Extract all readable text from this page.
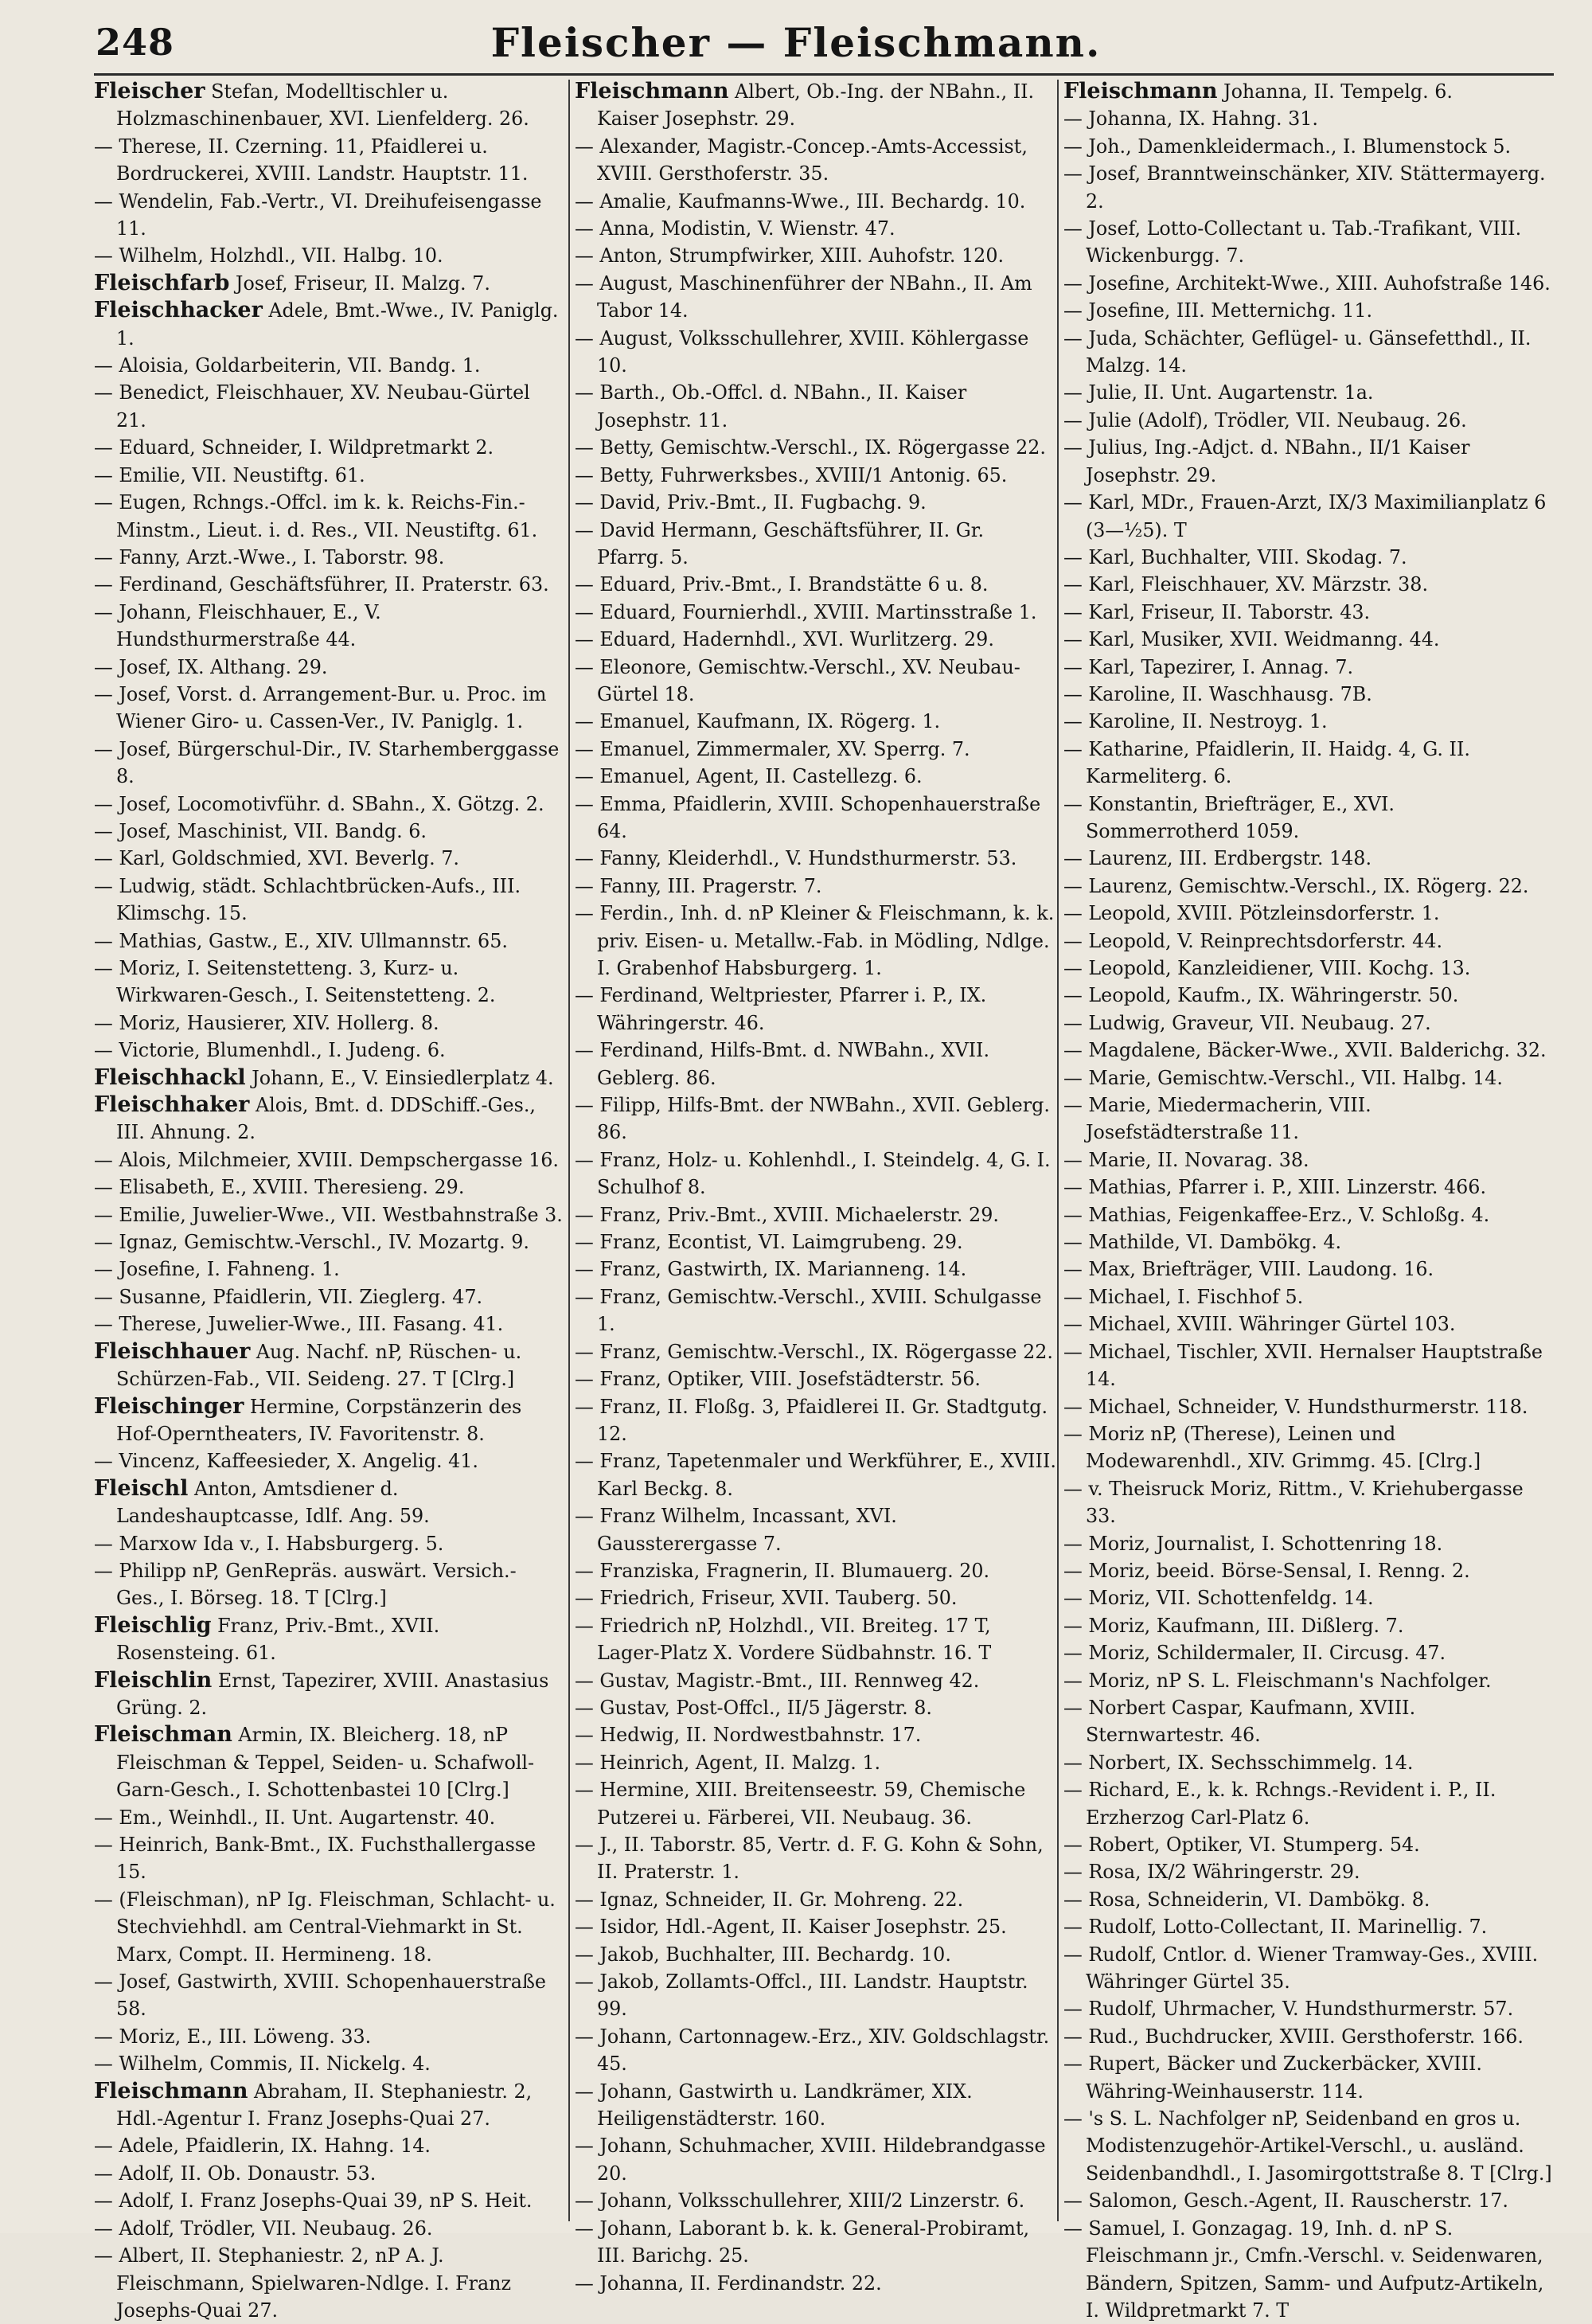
248	Fleischer — Fleischmann.

Fleischer Stefan, Modelltischler u. Holzmaschinenbauer, XVI. Lienfelderg. 26.

— Therese, II. Czerning. 11, Pfaidlerei u. Bordruckerei, XVIII. Landstr. Hauptstr. 11.

— Wendelin, Fab.-Vertr., VI. Dreihufeisengasse 11.

— Wilhelm, Holzhdl., VII. Halbg. 10.

Fleischfarb Josef, Friseur, II. Malzg. 7.

Fleischhacker Adele, Bmt.-Wwe., IV. Paniglg. 1.

— Aloisia, Goldarbeiterin, VII. Bandg. 1.

— Benedict, Fleischhauer, XV. Neubau-Gürtel 21.

— Eduard, Schneider, I. Wildpretmarkt 2.

— Emilie, VII. Neustiftg. 61.

— Eugen, Rchngs.-Offcl. im k. k. Reichs-Fin.-Minstm., Lieut. i. d. Res., VII. Neustiftg. 61.

— Fanny, Arzt.-Wwe., I. Taborstr. 98.

— Ferdinand, Geschäftsführer, II. Praterstr. 63.

— Johann, Fleischhauer, E., V. Hundsthurmerstraße 44.

— Josef, IX. Althang. 29.

— Josef, Vorst. d. Arrangement-Bur. u. Proc. im Wiener Giro- u. Cassen-Ver., IV. Paniglg. 1.

— Josef, Bürgerschul-Dir., IV. Starhemberggasse 8.

— Josef, Locomotivführ. d. SBahn., X. Götzg. 2.

— Josef, Maschinist, VII. Bandg. 6.

— Karl, Goldschmied, XVI. Beverlg. 7.

— Ludwig, städt. Schlachtbrücken-Aufs., III. Klimschg. 15.

— Mathias, Gastw., E., XIV. Ullmannstr. 65.

— Moriz, I. Seitenstetteng. 3, Kurz- u. Wirkwaren-Gesch., I. Seitenstetteng. 2.

— Moriz, Hausierer, XIV. Hollerg. 8.

— Victorie, Blumenhdl., I. Judeng. 6.

Fleischhackl Johann, E., V. Einsiedlerplatz 4.

Fleischhaker Alois, Bmt. d. DDSchiff.-Ges., III. Ahnung. 2.

— Alois, Milchmeier, XVIII. Dempschergasse 16.

— Elisabeth, E., XVIII. Theresieng. 29.

— Emilie, Juwelier-Wwe., VII. Westbahnstraße 3.

— Ignaz, Gemischtw.-Verschl., IV. Mozartg. 9.

— Josefine, I. Fahneng. 1.

— Susanne, Pfaidlerin, VII. Zieglerg. 47.

— Therese, Juwelier-Wwe., III. Fasang. 41.

Fleischhauer Aug. Nachf. nP, Rüschen- u. Schürzen-Fab., VII. Seideng. 27. T [Clrg.]

Fleischinger Hermine, Corpstänzerin des Hof-Operntheaters, IV. Favoritenstr. 8.

— Vincenz, Kaffeesieder, X. Angelig. 41.

Fleischl Anton, Amtsdiener d. Landeshauptcasse, Idlf. Ang. 59.

— Marxow Ida v., I. Habsburgerg. 5.

— Philipp nP, GenRepräs. auswärt. Versich.-Ges., I. Börseg. 18. T [Clrg.]

Fleischlig Franz, Priv.-Bmt., XVII. Rosensteing. 61.

Fleischlin Ernst, Tapezirer, XVIII. Anastasius Grüng. 2.

Fleischman Armin, IX. Bleicherg. 18, nP Fleischman & Teppel, Seiden- u. Schafwoll-Garn-Gesch., I. Schottenbastei 10 [Clrg.]

— Em., Weinhdl., II. Unt. Augartenstr. 40.

— Heinrich, Bank-Bmt., IX. Fuchsthallergasse 15.

— (Fleischman), nP Ig. Fleischman, Schlacht- u. Stechviehhdl. am Central-Viehmarkt in St. Marx, Compt. II. Hermineng. 18.

— Josef, Gastwirth, XVIII. Schopenhauerstraße 58.

— Moriz, E., III. Löweng. 33.

— Wilhelm, Commis, II. Nickelg. 4.

Fleischmann Abraham, II. Stephaniestr. 2, Hdl.-Agentur I. Franz Josephs-Quai 27.

— Adele, Pfaidlerin, IX. Hahng. 14.

— Adolf, II. Ob. Donaustr. 53.

— Adolf, I. Franz Josephs-Quai 39, nP S. Heit.

— Adolf, Trödler, VII. Neubaug. 26.

— Albert, II. Stephaniestr. 2, nP A. J. Fleischmann, Spielwaren-Ndlge. I. Franz Josephs-Quai 27.

Fleischmann Albert, Ob.-Ing. der NBahn., II. Kaiser Josephstr. 29.

— Alexander, Magistr.-Concep.-Amts-Accessist, XVIII. Gersthoferstr. 35.

— Amalie, Kaufmanns-Wwe., III. Bechardg. 10.

— Anna, Modistin, V. Wienstr. 47.

— Anton, Strumpfwirker, XIII. Auhofstr. 120.

— August, Maschinenführer der NBahn., II. Am Tabor 14.

— August, Volksschullehrer, XVIII. Köhlergasse 10.

— Barth., Ob.-Offcl. d. NBahn., II. Kaiser Josephstr. 11.

— Betty, Gemischtw.-Verschl., IX. Rögergasse 22.

— Betty, Fuhrwerksbes., XVIII/1 Antonig. 65.

— David, Priv.-Bmt., II. Fugbachg. 9.

— David Hermann, Geschäftsführer, II. Gr. Pfarrg. 5.

— Eduard, Priv.-Bmt., I. Brandstätte 6 u. 8.

— Eduard, Fournierhdl., XVIII. Martinsstraße 1.

— Eduard, Hadernhdl., XVI. Wurlitzerg. 29.

— Eleonore, Gemischtw.-Verschl., XV. Neubau-Gürtel 18.

— Emanuel, Kaufmann, IX. Rögerg. 1.

— Emanuel, Zimmermaler, XV. Sperrg. 7.

— Emanuel, Agent, II. Castellezg. 6.

— Emma, Pfaidlerin, XVIII. Schopenhauerstraße 64.

— Fanny, Kleiderhdl., V. Hundsthurmerstr. 53.

— Fanny, III. Pragerstr. 7.

— Ferdin., Inh. d. nP Kleiner & Fleischmann, k. k. priv. Eisen- u. Metallw.-Fab. in Mödling, Ndlge. I. Grabenhof Habsburgerg. 1.

— Ferdinand, Weltpriester, Pfarrer i. P., IX. Währingerstr. 46.

— Ferdinand, Hilfs-Bmt. d. NWBahn., XVII. Geblerg. 86.

— Filipp, Hilfs-Bmt. der NWBahn., XVII. Geblerg. 86.

— Franz, Holz- u. Kohlenhdl., I. Steindelg. 4, G. I. Schulhof 8.

— Franz, Priv.-Bmt., XVIII. Michaelerstr. 29.

— Franz, Econtist, VI. Laimgrubeng. 29.

— Franz, Gastwirth, IX. Marianneng. 14.

— Franz, Gemischtw.-Verschl., XVIII. Schulgasse 1.

— Franz, Gemischtw.-Verschl., IX. Rögergasse 22.

— Franz, Optiker, VIII. Josefstädterstr. 56.

— Franz, II. Floßg. 3, Pfaidlerei II. Gr. Stadtgutg. 12.

— Franz, Tapetenmaler und Werkführer, E., XVIII. Karl Beckg. 8.

— Franz Wilhelm, Incassant, XVI. Gaussterergasse 7.

— Franziska, Fragnerin, II. Blumauerg. 20.

— Friedrich, Friseur, XVII. Tauberg. 50.

— Friedrich nP, Holzhdl., VII. Breiteg. 17 T, Lager-Platz X. Vordere Südbahnstr. 16. T

— Gustav, Magistr.-Bmt., III. Rennweg 42.

— Gustav, Post-Offcl., II/5 Jägerstr. 8.

— Hedwig, II. Nordwestbahnstr. 17.

— Heinrich, Agent, II. Malzg. 1.

— Hermine, XIII. Breitenseestr. 59, Chemische Putzerei u. Färberei, VII. Neubaug. 36.

— J., II. Taborstr. 85, Vertr. d. F. G. Kohn & Sohn, II. Praterstr. 1.

— Ignaz, Schneider, II. Gr. Mohreng. 22.

— Isidor, Hdl.-Agent, II. Kaiser Josephstr. 25.

— Jakob, Buchhalter, III. Bechardg. 10.

— Jakob, Zollamts-Offcl., III. Landstr. Hauptstr. 99.

— Johann, Cartonnagew.-Erz., XIV. Goldschlagstr. 45.

— Johann, Gastwirth u. Landkrämer, XIX. Heiligenstädterstr. 160.

— Johann, Schuhmacher, XVIII. Hildebrandgasse 20.

— Johann, Volksschullehrer, XIII/2 Linzerstr. 6.

— Johann, Laborant b. k. k. General-Probiramt, III. Barichg. 25.

— Johanna, II. Ferdinandstr. 22.

Fleischmann Johanna, II. Tempelg. 6.

— Johanna, IX. Hahng. 31.

— Joh., Damenkleidermach., I. Blumenstock 5.

— Josef, Branntweinschänker, XIV. Stättermayerg. 2.

— Josef, Lotto-Collectant u. Tab.-Trafikant, VIII. Wickenburgg. 7.

— Josefine, Architekt-Wwe., XIII. Auhofstraße 146.

— Josefine, III. Metternichg. 11.

— Juda, Schächter, Geflügel- u. Gänsefetthdl., II. Malzg. 14.

— Julie, II. Unt. Augartenstr. 1a.

— Julie (Adolf), Trödler, VII. Neubaug. 26.

— Julius, Ing.-Adjct. d. NBahn., II/1 Kaiser Josephstr. 29.

— Karl, MDr., Frauen-Arzt, IX/3 Maximilianplatz 6 (3—½5). T

— Karl, Buchhalter, VIII. Skodag. 7.

— Karl, Fleischhauer, XV. Märzstr. 38.

— Karl, Friseur, II. Taborstr. 43.

— Karl, Musiker, XVII. Weidmanng. 44.

— Karl, Tapezirer, I. Annag. 7.

— Karoline, II. Waschhausg. 7B.

— Karoline, II. Nestroyg. 1.

— Katharine, Pfaidlerin, II. Haidg. 4, G. II. Karmeliterg. 6.

— Konstantin, Briefträger, E., XVI. Sommerrotherd 1059.

— Laurenz, III. Erdbergstr. 148.

— Laurenz, Gemischtw.-Verschl., IX. Rögerg. 22.

— Leopold, XVIII. Pötzleinsdorferstr. 1.

— Leopold, V. Reinprechtsdorferstr. 44.

— Leopold, Kanzleidiener, VIII. Kochg. 13.

— Leopold, Kaufm., IX. Währingerstr. 50.

— Ludwig, Graveur, VII. Neubaug. 27.

— Magdalene, Bäcker-Wwe., XVII. Balderichg. 32.

— Marie, Gemischtw.-Verschl., VII. Halbg. 14.

— Marie, Miedermacherin, VIII. Josefstädterstraße 11.

— Marie, II. Novarag. 38.

— Mathias, Pfarrer i. P., XIII. Linzerstr. 466.

— Mathias, Feigenkaffee-Erz., V. Schloßg. 4.

— Mathilde, VI. Dambökg. 4.

— Max, Briefträger, VIII. Laudong. 16.

— Michael, I. Fischhof 5.

— Michael, XVIII. Währinger Gürtel 103.

— Michael, Tischler, XVII. Hernalser Hauptstraße 14.

— Michael, Schneider, V. Hundsthurmerstr. 118.

— Moriz nP, (Therese), Leinen und Modewarenhdl., XIV. Grimmg. 45. [Clrg.]

— v. Theisruck Moriz, Rittm., V. Kriehubergasse 33.

— Moriz, Journalist, I. Schottenring 18.

— Moriz, beeid. Börse-Sensal, I. Renng. 2.

— Moriz, VII. Schottenfeldg. 14.

— Moriz, Kaufmann, III. Dißlerg. 7.

— Moriz, Schildermaler, II. Circusg. 47.

— Moriz, nP S. L. Fleischmann's Nachfolger.

— Norbert Caspar, Kaufmann, XVIII. Sternwartestr. 46.

— Norbert, IX. Sechsschimmelg. 14.

— Richard, E., k. k. Rchngs.-Revident i. P., II. Erzherzog Carl-Platz 6.

— Robert, Optiker, VI. Stumperg. 54.

— Rosa, IX/2 Währingerstr. 29.

— Rosa, Schneiderin, VI. Dambökg. 8.

— Rudolf, Lotto-Collectant, II. Marinellig. 7.

— Rudolf, Cntlor. d. Wiener Tramway-Ges., XVIII. Währinger Gürtel 35.

— Rudolf, Uhrmacher, V. Hundsthurmerstr. 57.

— Rud., Buchdrucker, XVIII. Gersthoferstr. 166.

— Rupert, Bäcker und Zuckerbäcker, XVIII. Währing-Weinhauserstr. 114.

— 's S. L. Nachfolger nP, Seidenband en gros u. Modistenzugehör-Artikel-Verschl., u. ausländ. Seidenbandhdl., I. Jasomirgottstraße 8. T [Clrg.]

— Salomon, Gesch.-Agent, II. Rauscherstr. 17.

— Samuel, I. Gonzagag. 19, Inh. d. nP S. Fleischmann jr., Cmfn.-Verschl. v. Seidenwaren, Bändern, Spitzen, Samm- und Aufputz-Artikeln, I. Wildpretmarkt 7. T
